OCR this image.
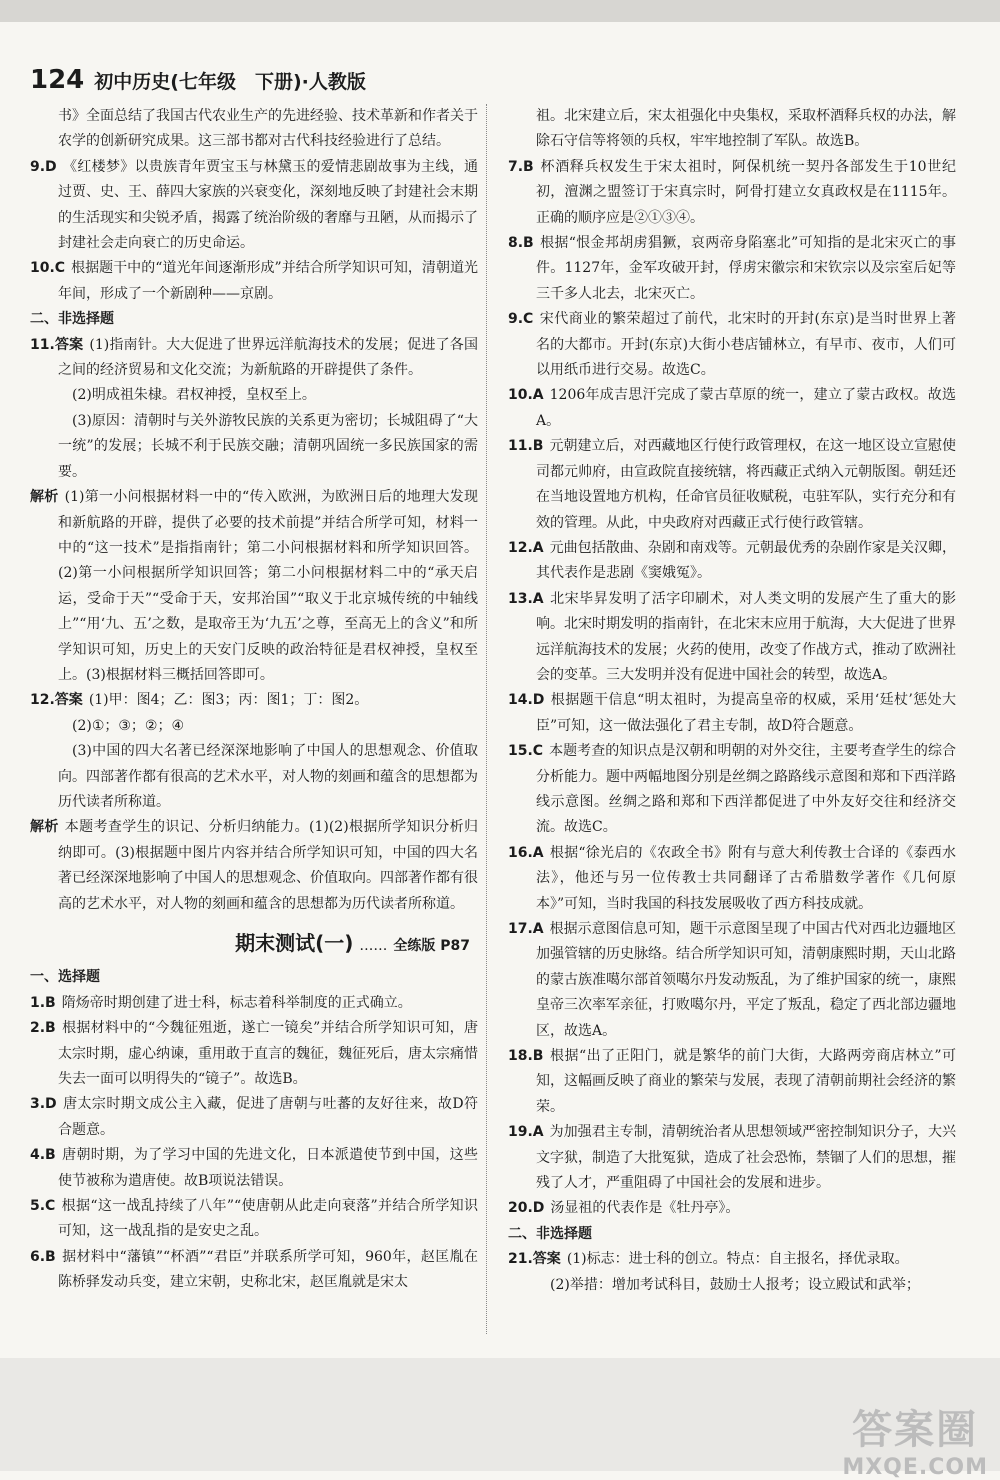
124 初中历史(七年级　下册)·人教版

书》全面总结了我国古代农业生产的先进经验、技术革新和作者关于农学的创新研究成果。这三部书都对古代科技经验进行了总结。

9.D 《红楼梦》以贵族青年贾宝玉与林黛玉的爱情悲剧故事为主线，通过贾、史、王、薛四大家族的兴衰变化，深刻地反映了封建社会末期的生活现实和尖锐矛盾，揭露了统治阶级的奢靡与丑陋，从而揭示了封建社会走向衰亡的历史命运。

10.C 根据题干中的“道光年间逐渐形成”并结合所学知识可知，清朝道光年间，形成了一个新剧种——京剧。

二、非选择题

11.答案 (1)指南针。大大促进了世界远洋航海技术的发展；促进了各国之间的经济贸易和文化交流；为新航路的开辟提供了条件。

(2)明成祖朱棣。君权神授，皇权至上。

(3)原因：清朝时与关外游牧民族的关系更为密切；长城阻碍了“大一统”的发展；长城不利于民族交融；清朝巩固统一多民族国家的需要。

解析 (1)第一小问根据材料一中的“传入欧洲，为欧洲日后的地理大发现和新航路的开辟，提供了必要的技术前提”并结合所学可知，材料一中的“这一技术”是指指南针；第二小问根据材料和所学知识回答。(2)第一小问根据所学知识回答；第二小问根据材料二中的“承天启运，受命于天”“受命于天，安邦治国”“取义于北京城传统的中轴线上”“用‘九、五’之数，是取帝王为‘九五’之尊，至高无上的含义”和所学知识可知，历史上的天安门反映的政治特征是君权神授，皇权至上。(3)根据材料三概括回答即可。

12.答案 (1)甲：图4；乙：图3；丙：图1；丁：图2。

(2)①；③；②；④

(3)中国的四大名著已经深深地影响了中国人的思想观念、价值取向。四部著作都有很高的艺术水平，对人物的刻画和蕴含的思想都为历代读者所称道。

解析 本题考查学生的识记、分析归纳能力。(1)(2)根据所学知识分析归纳即可。(3)根据题中图片内容并结合所学知识可知，中国的四大名著已经深深地影响了中国人的思想观念、价值取向。四部著作都有很高的艺术水平，对人物的刻画和蕴含的思想都为历代读者所称道。

期末测试(一) …… 全练版 P87

一、选择题

1.B 隋炀帝时期创建了进士科，标志着科举制度的正式确立。

2.B 根据材料中的“今魏征殂逝，遂亡一镜矣”并结合所学知识可知，唐太宗时期，虚心纳谏，重用敢于直言的魏征，魏征死后，唐太宗痛惜失去一面可以明得失的“镜子”。故选B。

3.D 唐太宗时期文成公主入藏，促进了唐朝与吐蕃的友好往来，故D符合题意。

4.B 唐朝时期，为了学习中国的先进文化，日本派遣使节到中国，这些使节被称为遣唐使。故B项说法错误。

5.C 根据“这一战乱持续了八年”“使唐朝从此走向衰落”并结合所学知识可知，这一战乱指的是安史之乱。

6.B 据材料中“藩镇”“杯酒”“君臣”并联系所学可知，960年，赵匡胤在陈桥驿发动兵变，建立宋朝，史称北宋，赵匡胤就是宋太

祖。北宋建立后，宋太祖强化中央集权，采取杯酒释兵权的办法，解除石守信等将领的兵权，牢牢地控制了军队。故选B。

7.B 杯酒释兵权发生于宋太祖时，阿保机统一契丹各部发生于10世纪初，澶渊之盟签订于宋真宗时，阿骨打建立女真政权是在1115年。正确的顺序应是②①③④。

8.B 根据“恨金邦胡虏猖獗，哀两帝身陷塞北”可知指的是北宋灭亡的事件。1127年，金军攻破开封，俘虏宋徽宗和宋钦宗以及宗室后妃等三千多人北去，北宋灭亡。

9.C 宋代商业的繁荣超过了前代，北宋时的开封(东京)是当时世界上著名的大都市。开封(东京)大街小巷店铺林立，有早市、夜市，人们可以用纸币进行交易。故选C。

10.A 1206年成吉思汗完成了蒙古草原的统一，建立了蒙古政权。故选A。

11.B 元朝建立后，对西藏地区行使行政管理权，在这一地区设立宣慰使司都元帅府，由宣政院直接统辖，将西藏正式纳入元朝版图。朝廷还在当地设置地方机构，任命官员征收赋税，屯驻军队，实行充分和有效的管理。从此，中央政府对西藏正式行使行政管辖。

12.A 元曲包括散曲、杂剧和南戏等。元朝最优秀的杂剧作家是关汉卿，其代表作是悲剧《窦娥冤》。

13.A 北宋毕昇发明了活字印刷术，对人类文明的发展产生了重大的影响。北宋时期发明的指南针，在北宋末应用于航海，大大促进了世界远洋航海技术的发展；火药的使用，改变了作战方式，推动了欧洲社会的变革。三大发明并没有促进中国社会的转型，故选A。

14.D 根据题干信息“明太祖时，为提高皇帝的权威，采用‘廷杖’惩处大臣”可知，这一做法强化了君主专制，故D符合题意。

15.C 本题考查的知识点是汉朝和明朝的对外交往，主要考查学生的综合分析能力。题中两幅地图分别是丝绸之路路线示意图和郑和下西洋路线示意图。丝绸之路和郑和下西洋都促进了中外友好交往和经济交流。故选C。

16.A 根据“徐光启的《农政全书》附有与意大利传教士合译的《泰西水法》，他还与另一位传教士共同翻译了古希腊数学著作《几何原本》”可知，当时我国的科技发展吸收了西方科技成就。

17.A 根据示意图信息可知，题干示意图呈现了中国古代对西北边疆地区加强管辖的历史脉络。结合所学知识可知，清朝康熙时期，天山北路的蒙古族准噶尔部首领噶尔丹发动叛乱，为了维护国家的统一，康熙皇帝三次率军亲征，打败噶尔丹，平定了叛乱，稳定了西北部边疆地区，故选A。

18.B 根据“出了正阳门，就是繁华的前门大街，大路两旁商店林立”可知，这幅画反映了商业的繁荣与发展，表现了清朝前期社会经济的繁荣。

19.A 为加强君主专制，清朝统治者从思想领域严密控制知识分子，大兴文字狱，制造了大批冤狱，造成了社会恐怖，禁锢了人们的思想，摧残了人才，严重阻碍了中国社会的发展和进步。

20.D 汤显祖的代表作是《牡丹亭》。

二、非选择题

21.答案 (1)标志：进士科的创立。特点：自主报名，择优录取。

(2)举措：增加考试科目，鼓励士人报考；设立殿试和武举；

答案圈
MXQE.COM
